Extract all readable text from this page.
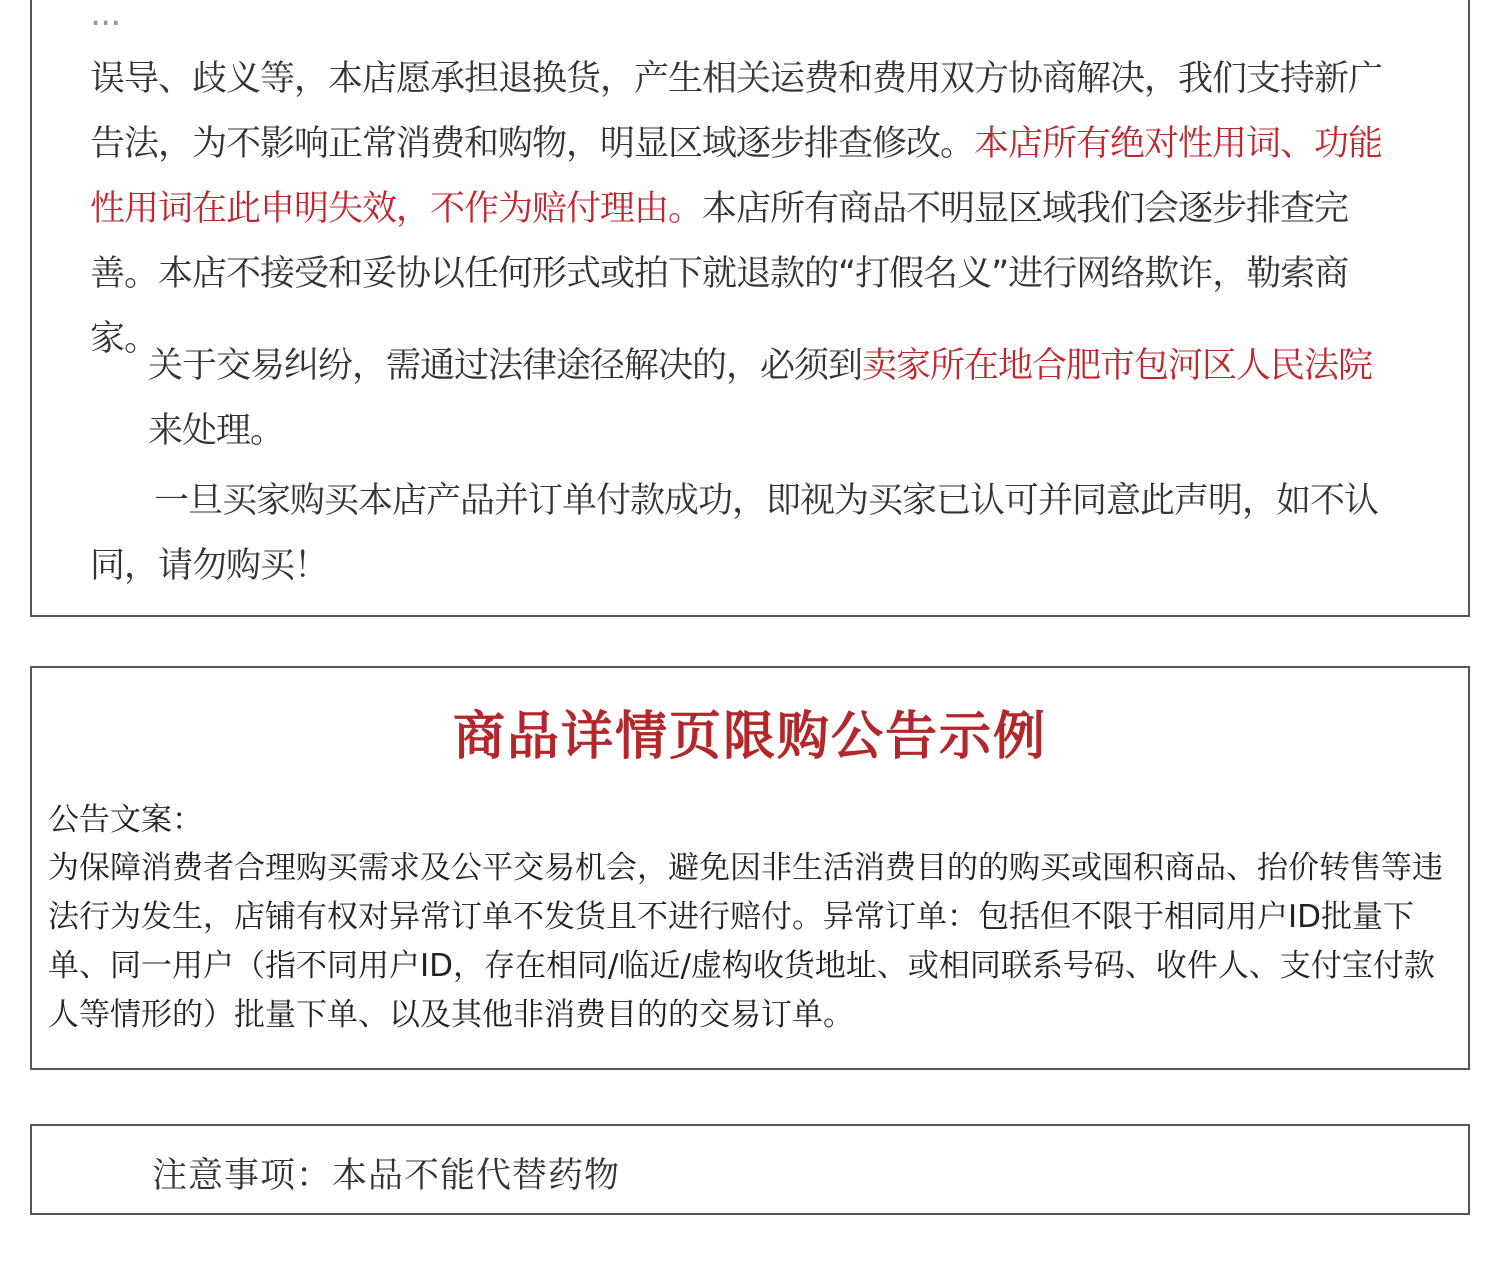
...
误导、歧义等，本店愿承担退换货，产生相关运费和费用双方协商解决，我们支持新广告法，为不影响正常消费和购物，明显区域逐步排查修改。本店所有绝对性用词、功能性用词在此申明失效，不作为赔付理由。本店所有商品不明显区域我们会逐步排查完善。本店不接受和妥协以任何形式或拍下就退款的“打假名义”进行网络欺诈，勒索商家。
关于交易纠纷，需通过法律途径解决的，必须到卖家所在地合肥市包河区人民法院来处理。
一旦买家购买本店产品并订单付款成功，即视为买家已认可并同意此声明，如不认同，请勿购买！
商品详情页限购公告示例
公告文案：
为保障消费者合理购买需求及公平交易机会，避免因非生活消费目的的购买或囤积商品、抬价转售等违法行为发生，店铺有权对异常订单不发货且不进行赔付。异常订单：包括但不限于相同用户ID批量下单、同一用户（指不同用户ID，存在相同/临近/虚构收货地址、或相同联系号码、收件人、支付宝付款人等情形的）批量下单、以及其他非消费目的的交易订单。
注意事项：本品不能代替药物
